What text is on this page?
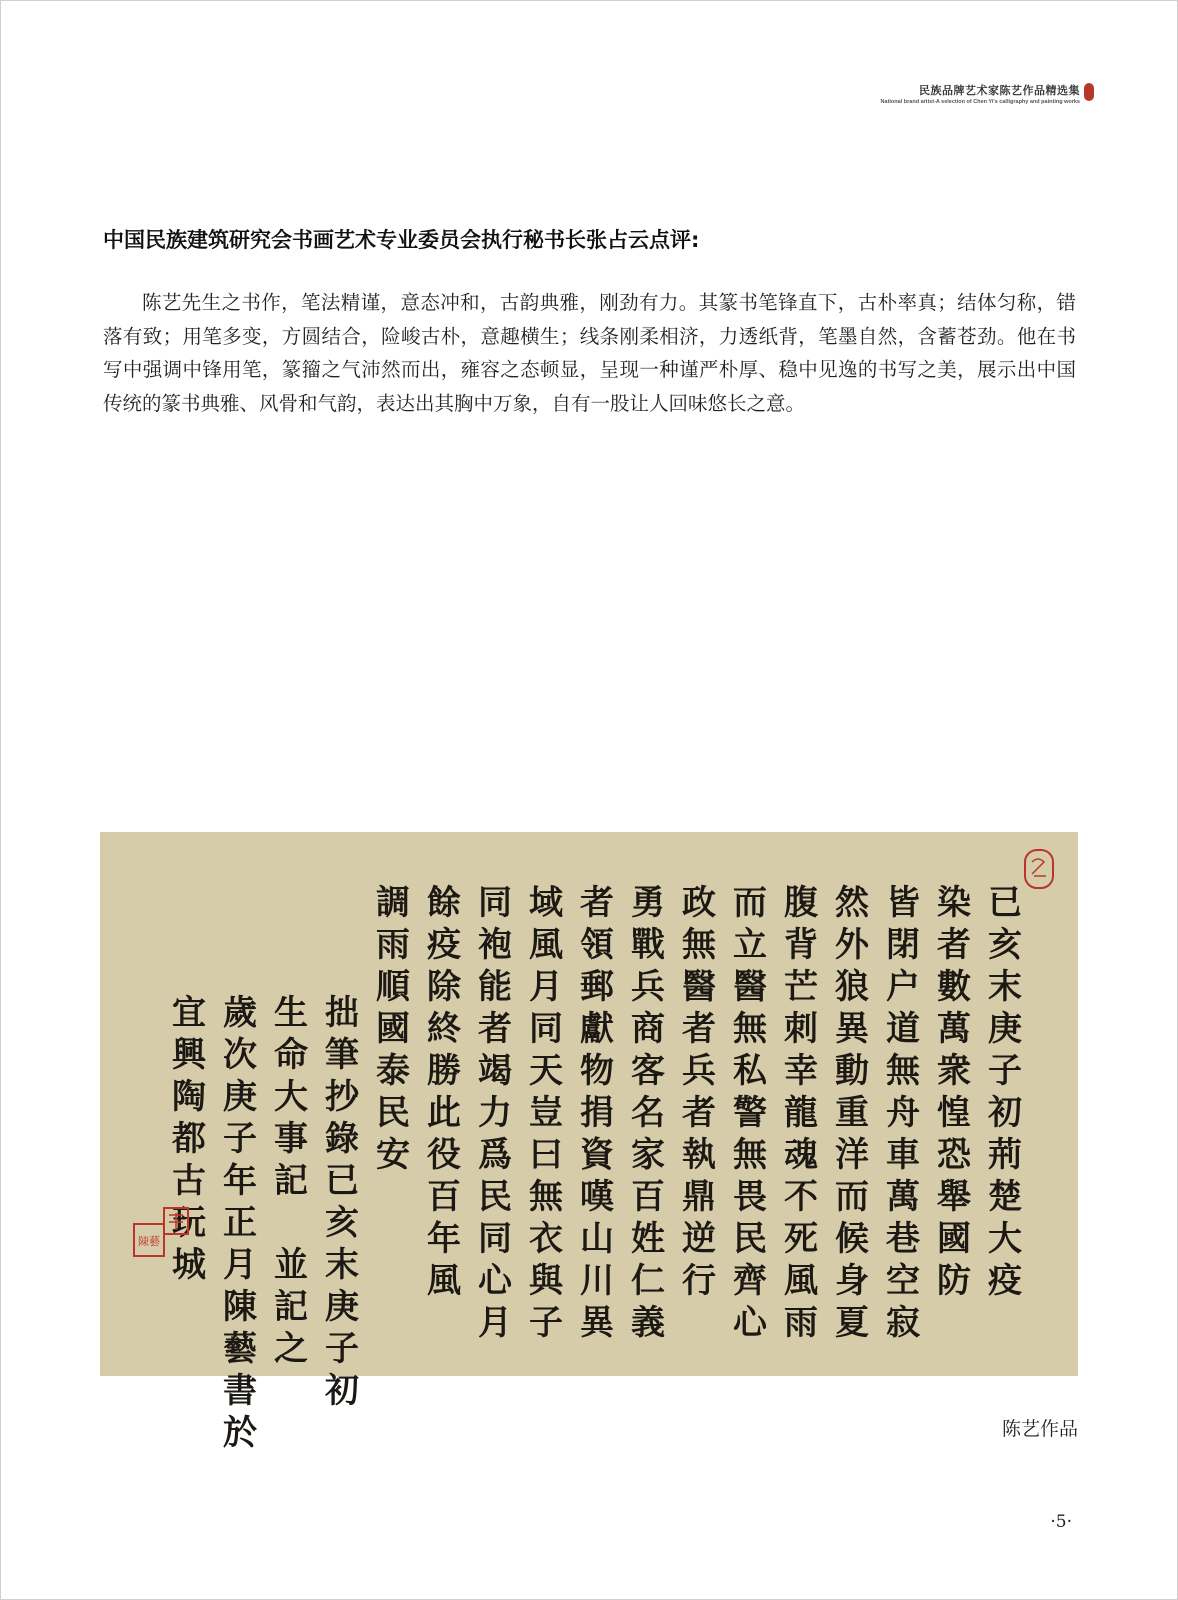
民族品牌艺术家陈艺作品精选集
National brand artist-A selection of Chen Yi's calligraphy and painting works
中国民族建筑研究会书画艺术专业委员会执行秘书长张占云点评:

陈艺先生之书作，笔法精谨，意态冲和，古韵典雅，刚劲有力。其篆书笔锋直下，古朴率真；结体匀称，错落有致；用笔多变，方圆结合，险峻古朴，意趣横生；线条刚柔相济，力透纸背，笔墨自然，含蓄苍劲。他在书写中强调中锋用笔，篆籀之气沛然而出，雍容之态顿显，呈现一种谨严朴厚、稳中见逸的书写之美，展示出中国传统的篆书典雅、风骨和气韵，表达出其胸中万象，自有一股让人回味悠长之意。

已
亥
末
庚
子
初
荊
楚
大
疫
染
者
數
萬
衆
惶
恐
舉
國
防
皆
閉
户
道
無
舟
車
萬
巷
空
寂
然
外
狼
異
動
重
洋
而
候
身
夏
腹
背
芒
刺
幸
龍
魂
不
死
風
雨
而
立
醫
無
私
警
無
畏
民
齊
心
政
無
醫
者
兵
者
執
鼎
逆
行
勇
戰
兵
商
客
名
家
百
姓
仁
義
者
領
郵
獻
物
捐
資
嘆
山
川
異
域
風
月
同
天
豈
曰
無
衣
與
子
同
袍
能
者
竭
力
爲
民
同
心
月
餘
疫
除
終
勝
此
役
百
年
風
調
雨
順
國
泰
民
安
拙
筆
抄
錄
已
亥
末
庚
子
初
生
命
大
事
記

並
記
之
歲
次
庚
子
年
正
月
陳
藝
書
於
宜
興
陶
都
古
玩
城
陳藝
陈艺作品
·5·
